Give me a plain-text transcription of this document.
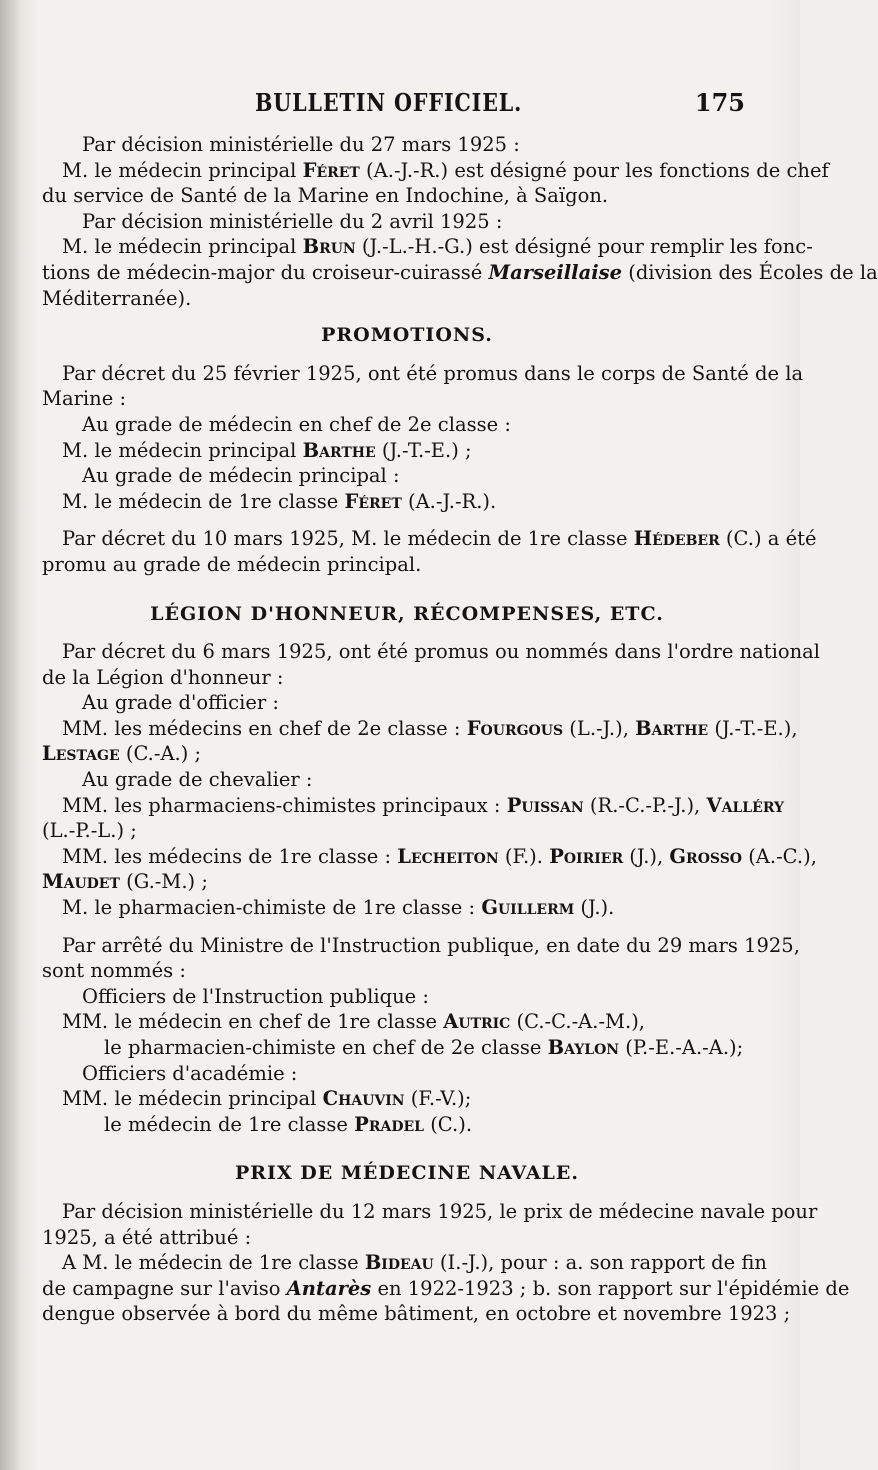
BULLETIN OFFICIEL.	175
Par décision ministérielle du 27 mars 1925 :
M. le médecin principal Féret (A.-J.-R.) est désigné pour les fonctions de chef
du service de Santé de la Marine en Indochine, à Saïgon.
Par décision ministérielle du 2 avril 1925 :
M. le médecin principal Brun (J.-L.-H.-G.) est désigné pour remplir les fonc-
tions de médecin-major du croiseur-cuirassé Marseillaise (division des Écoles de la
Méditerranée).
PROMOTIONS.
Par décret du 25 février 1925, ont été promus dans le corps de Santé de la
Marine :
Au grade de médecin en chef de 2e classe :
M. le médecin principal Barthe (J.-T.-E.) ;
Au grade de médecin principal :
M. le médecin de 1re classe Féret (A.-J.-R.).
Par décret du 10 mars 1925, M. le médecin de 1re classe Hédeber (C.) a été
promu au grade de médecin principal.
LÉGION D'HONNEUR, RÉCOMPENSES, ETC.
Par décret du 6 mars 1925, ont été promus ou nommés dans l'ordre national
de la Légion d'honneur :
Au grade d'officier :
MM. les médecins en chef de 2e classe : Fourgous (L.-J.), Barthe (J.-T.-E.),
Lestage (C.-A.) ;
Au grade de chevalier :
MM. les pharmaciens-chimistes principaux : Puissan (R.-C.-P.-J.), Valléry
(L.-P.-L.) ;
MM. les médecins de 1re classe : Lecheiton (F.). Poirier (J.), Grosso (A.-C.),
Maudet (G.-M.) ;
M. le pharmacien-chimiste de 1re classe : Guillerm (J.).
Par arrêté du Ministre de l'Instruction publique, en date du 29 mars 1925,
sont nommés :
Officiers de l'Instruction publique :
MM. le médecin en chef de 1re classe Autric (C.-C.-A.-M.),
le pharmacien-chimiste en chef de 2e classe Baylon (P.-E.-A.-A.);
Officiers d'académie :
MM. le médecin principal Chauvin (F.-V.);
le médecin de 1re classe Pradel (C.).
PRIX DE MÉDECINE NAVALE.
Par décision ministérielle du 12 mars 1925, le prix de médecine navale pour
1925, a été attribué :
A M. le médecin de 1re classe Bideau (I.-J.), pour : a. son rapport de fin
de campagne sur l'aviso Antarès en 1922-1923 ; b. son rapport sur l'épidémie de
dengue observée à bord du même bâtiment, en octobre et novembre 1923 ;
